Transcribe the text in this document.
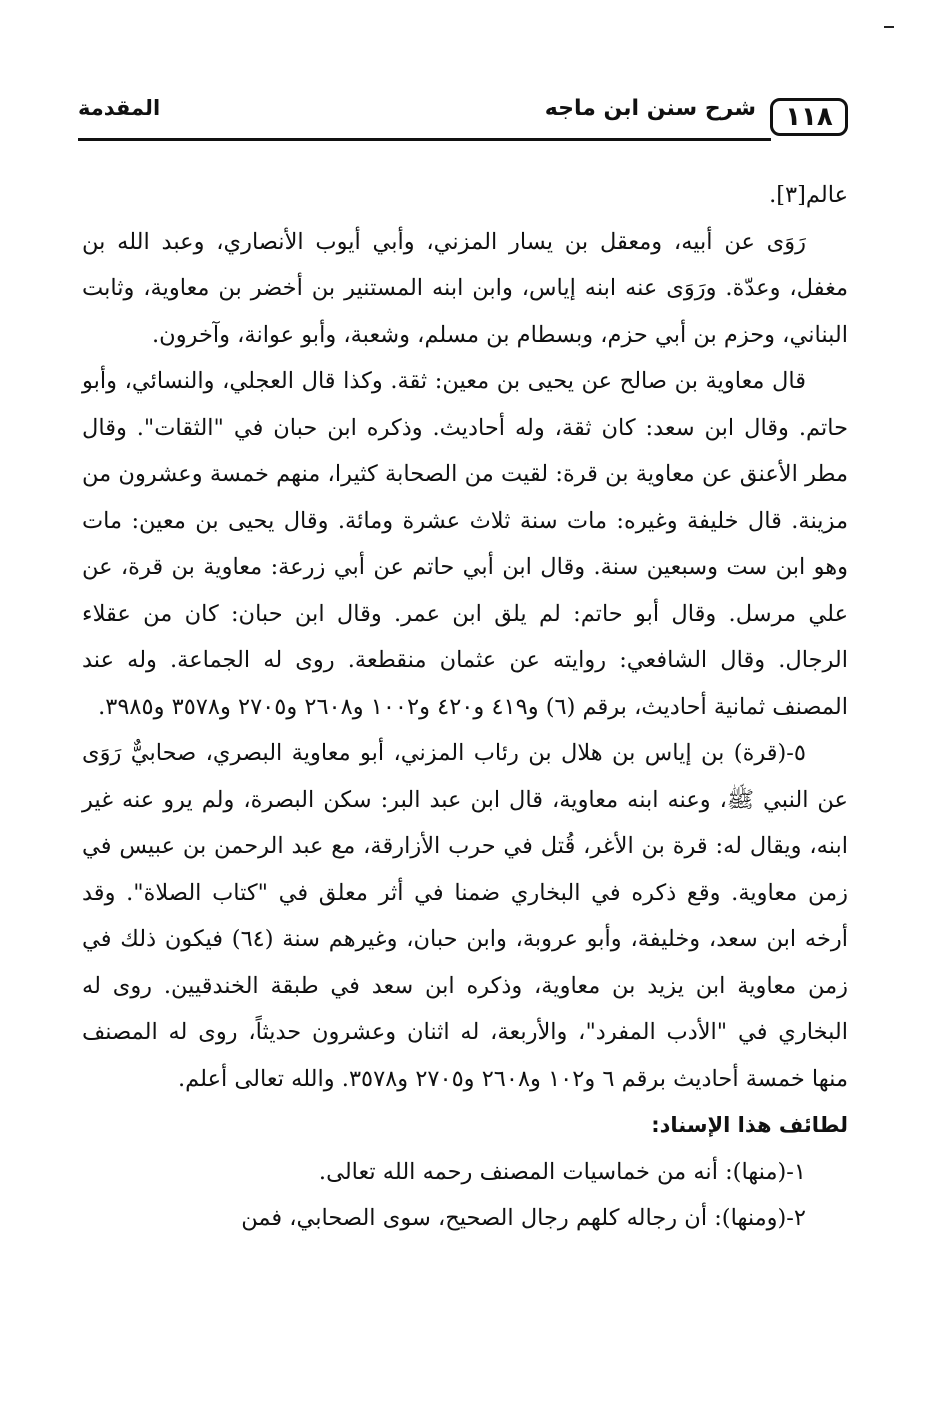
١١٨
شرح سنن ابن ماجه
المقدمة

عالم[٣].

رَوَى عن أبيه، ومعقل بن يسار المزني، وأبي أيوب الأنصاري، وعبد الله بن مغفل، وعدّة. ورَوَى عنه ابنه إياس، وابن ابنه المستنير بن أخضر بن معاوية، وثابت البناني، وحزم بن أبي حزم، وبسطام بن مسلم، وشعبة، وأبو عوانة، وآخرون.

قال معاوية بن صالح عن يحيى بن معين: ثقة. وكذا قال العجلي، والنسائي، وأبو حاتم. وقال ابن سعد: كان ثقة، وله أحاديث. وذكره ابن حبان في "الثقات". وقال مطر الأعنق عن معاوية بن قرة: لقيت من الصحابة كثيرا، منهم خمسة وعشرون من مزينة. قال خليفة وغيره: مات سنة ثلاث عشرة ومائة. وقال يحيى بن معين: مات وهو ابن ست وسبعين سنة. وقال ابن أبي حاتم عن أبي زرعة: معاوية بن قرة، عن علي مرسل. وقال أبو حاتم: لم يلق ابن عمر. وقال ابن حبان: كان من عقلاء الرجال. وقال الشافعي: روايته عن عثمان منقطعة. روى له الجماعة. وله عند المصنف ثمانية أحاديث، برقم (٦) و٤١٩ و٤٢٠ و١٠٠٢ و٢٦٠٨ و٢٧٠٥ و٣٥٧٨ و٣٩٨٥.

٥-(قرة) بن إياس بن هلال بن رئاب المزني، أبو معاوية البصري، صحابيٌّ رَوَى عن النبي ﷺ، وعنه ابنه معاوية، قال ابن عبد البر: سكن البصرة، ولم يرو عنه غير ابنه، ويقال له: قرة بن الأغر، قُتل في حرب الأزارقة، مع عبد الرحمن بن عبيس في زمن معاوية. وقع ذكره في البخاري ضمنا في أثر معلق في "كتاب الصلاة". وقد أرخه ابن سعد، وخليفة، وأبو عروبة، وابن حبان، وغيرهم سنة (٦٤) فيكون ذلك في زمن معاوية ابن يزيد بن معاوية، وذكره ابن سعد في طبقة الخندقيين. روى له البخاري في "الأدب المفرد"، والأربعة، له اثنان وعشرون حديثاً، روى له المصنف منها خمسة أحاديث برقم ٦ و١٠٢ و٢٦٠٨ و٢٧٠٥ و٣٥٧٨. والله تعالى أعلم.

لطائف هذا الإسناد:

١-(منها): أنه من خماسيات المصنف رحمه الله تعالى.

٢-(ومنها): أن رجاله كلهم رجال الصحيح، سوى الصحابي، فمن
